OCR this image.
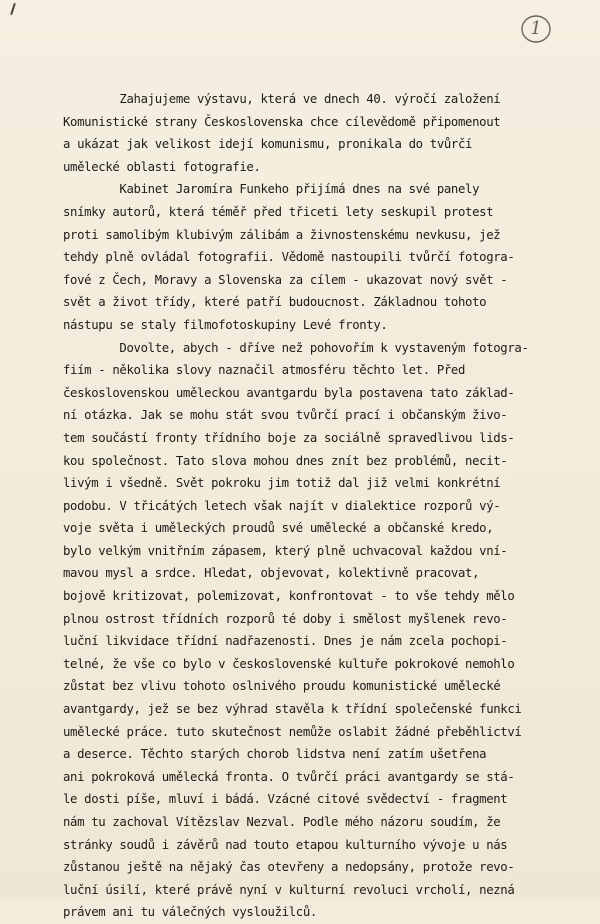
1
Zahajujeme výstavu, která ve dnech 40. výročí založení
Komunistické strany Československa chce cílevědomě připomenout
a ukázat jak velikost idejí komunismu, pronikala do tvůrčí
umělecké oblasti fotografie.
Kabinet Jaromíra Funkeho přijímá dnes na své panely
snímky autorů, která téměř před třiceti lety seskupil protest
proti samolibým klubivým zálibám a živnostenskému nevkusu, jež
tehdy plně ovládal fotografii. Vědomě nastoupili tvůrčí fotogra-
fové z Čech, Moravy a Slovenska za cílem - ukazovat nový svět -
svět a život třídy, které patří budoucnost. Základnou tohoto
nástupu se staly filmofotoskupiny Levé fronty.
Dovolte, abych - dříve než pohovořím k vystaveným fotogra-
fiím - několika slovy naznačil atmosféru těchto let. Před
československou uměleckou avantgardu byla postavena tato základ-
ní otázka. Jak se mohu stát svou tvůrčí prací i občanským živo-
tem součástí fronty třídního boje za sociálně spravedlivou lids-
kou společnost. Tato slova mohou dnes znít bez problémů, necit-
livým i všedně. Svět pokroku jim totiž dal již velmi konkrétní
podobu. V třicátých letech však najít v dialektice rozporů vý-
voje světa i uměleckých proudů své umělecké a občanské kredo,
bylo velkým vnitřním zápasem, který plně uchvacoval každou vní-
mavou mysl a srdce. Hledat, objevovat, kolektivně pracovat,
bojově kritizovat, polemizovat, konfrontovat - to vše tehdy mělo
plnou ostrost třídních rozporů té doby i smělost myšlenek revo-
luční likvidace třídní nadřazenosti. Dnes je nám zcela pochopi-
telné, že vše co bylo v československé kultuře pokrokové nemohlo
zůstat bez vlivu tohoto oslnivého proudu komunistické umělecké
avantgardy, jež se bez výhrad stavěla k třídní společenské funkci
umělecké práce. tuto skutečnost nemůže oslabit žádné přeběhlictví
a deserce. Těchto starých chorob lidstva není zatím ušetřena
ani pokroková umělecká fronta. O tvůrčí práci avantgardy se stá-
le dosti píše, mluví i bádá. Vzácné citové svědectví - fragment
nám tu zachoval Vítězslav Nezval. Podle mého názoru soudím, že
stránky soudů i závěrů nad touto etapou kulturního vývoje u nás
zůstanou ještě na nějaký čas otevřeny a nedopsány, protože revo-
luční úsilí, které právě nyní v kulturní revoluci vrcholí, nezná
právem ani tu válečných vysloužilců.
